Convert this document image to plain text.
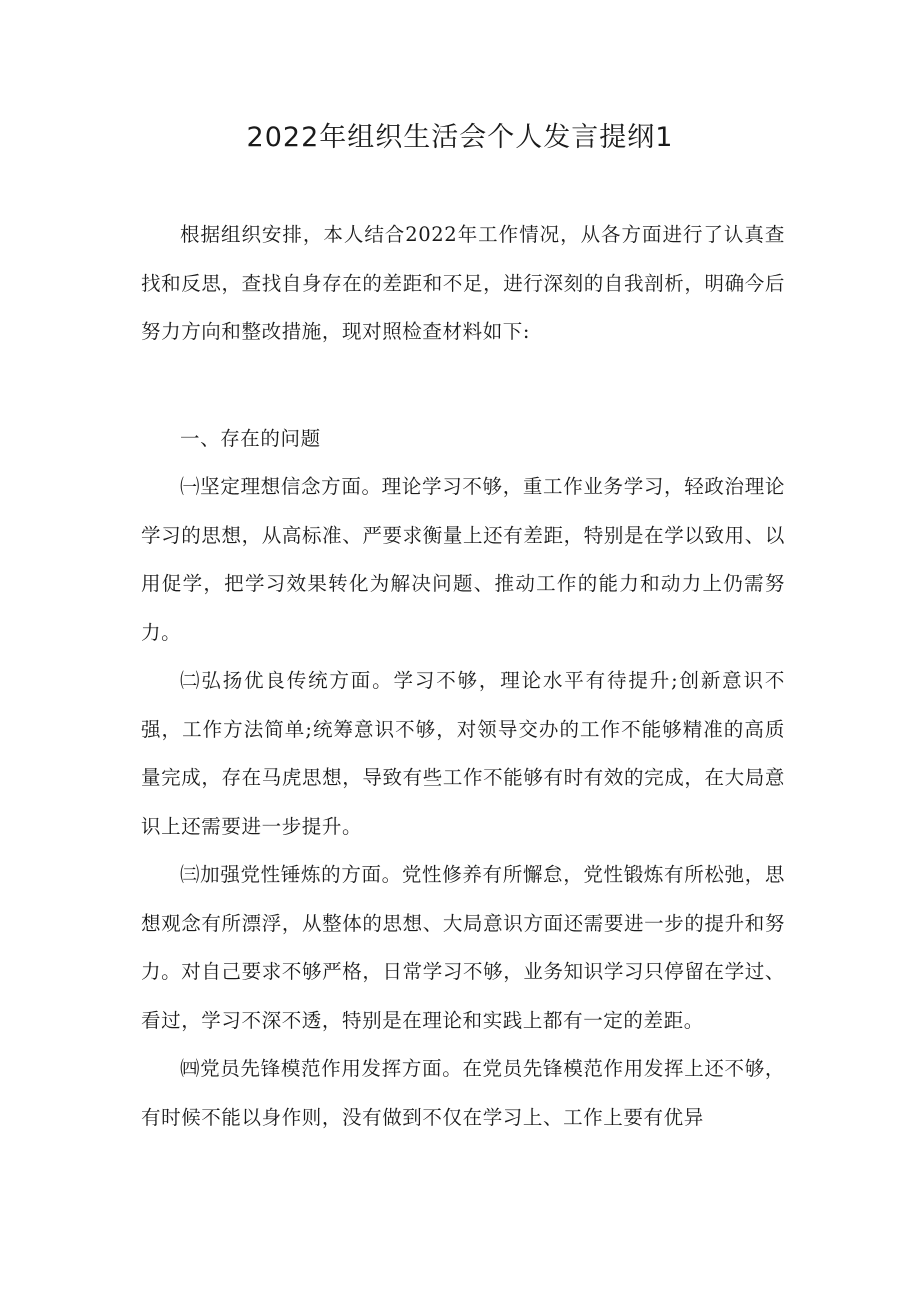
2022年组织生活会个人发言提纲1

根据组织安排，本人结合2022年工作情况，从各方面进行了认真查找和反思，查找自身存在的差距和不足，进行深刻的自我剖析，明确今后努力方向和整改措施，现对照检查材料如下:

一、存在的问题

㈠坚定理想信念方面。理论学习不够，重工作业务学习，轻政治理论学习的思想，从高标准、严要求衡量上还有差距，特别是在学以致用、以用促学，把学习效果转化为解决问题、推动工作的能力和动力上仍需努力。

㈡弘扬优良传统方面。学习不够，理论水平有待提升;创新意识不强，工作方法简单;统筹意识不够，对领导交办的工作不能够精准的高质量完成，存在马虎思想，导致有些工作不能够有时有效的完成，在大局意识上还需要进一步提升。

㈢加强党性锤炼的方面。党性修养有所懈怠，党性锻炼有所松弛，思想观念有所漂浮，从整体的思想、大局意识方面还需要进一步的提升和努力。对自己要求不够严格，日常学习不够，业务知识学习只停留在学过、看过，学习不深不透，特别是在理论和实践上都有一定的差距。

㈣党员先锋模范作用发挥方面。在党员先锋模范作用发挥上还不够，有时候不能以身作则，没有做到不仅在学习上、工作上要有优异
